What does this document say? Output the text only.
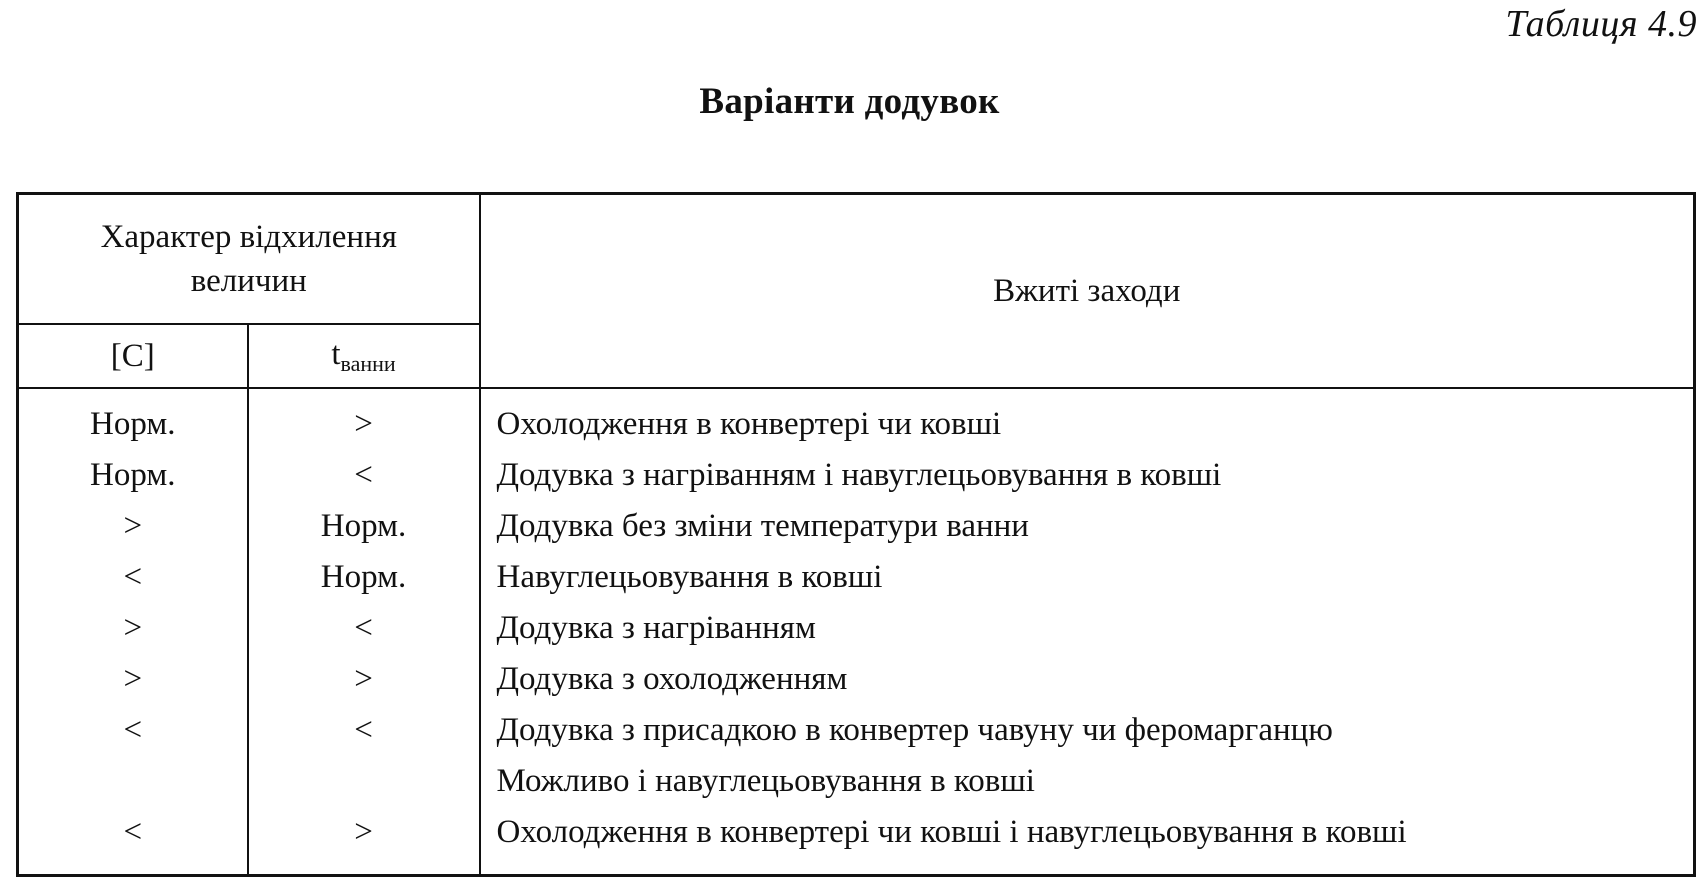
Таблиця 4.9
Варіанти додувок
Характер відхилення величин		Вжиті заходи
[C]	$t_{ванни}$
Норм.	>	Охолодження в конвертері чи ковші
Норм.	<	Додувка з нагріванням і навуглецьовування в ковші
>	Норм.	Додувка без зміни температури ванни
<	Норм.	Навуглецьовування в ковші
>	<	Додувка з нагріванням
>	>	Додувка з охолодженням
<	<	Додувка з присадкою в конвертер чавуну чи феромарганцю
		Можливо і навуглецьовування в ковші
<	>	Охолодження в конвертері чи ковші і навуглецьовування в ковші
